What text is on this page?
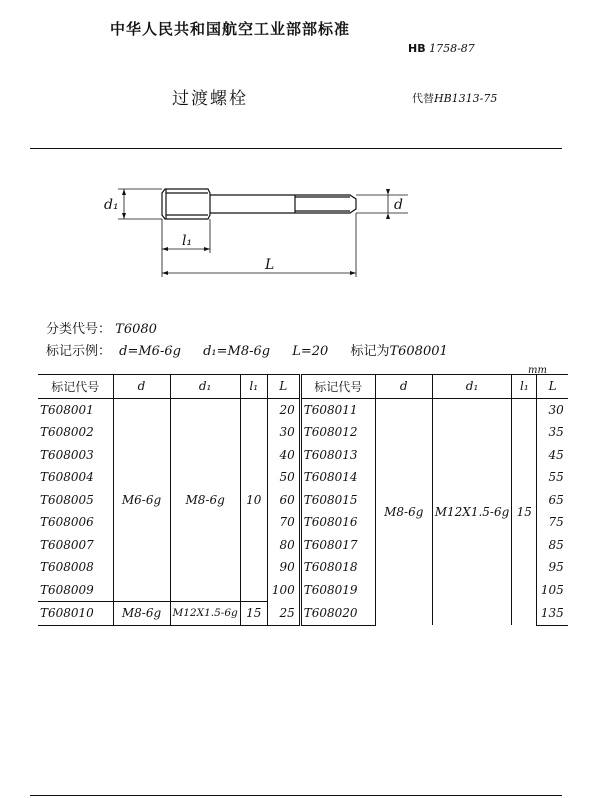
中华人民共和国航空工业部部标准
HB 1758-87
过渡螺栓	代替HB1313-75
d₁	d
l₁
L
分类代号： T6080
标记示例： d=M6-6g d₁=M8-6g L=20 标记为T608001
mm
标记代号	d	d₁	l₁	L	标记代号	d	d₁	l₁	L
T608001	M6-6g	M8-6g	10	20	T608011	M8-6g	M12X1.5-6g	15	30
T608002				30	T608012				35
T608003				40	T608013				45
T608004				50	T608014				55
T608005				60	T608015				65
T608006				70	T608016				75
T608007				80	T608017				85
T608008				90	T608018				95
T608009				100	T608019				105
T608010	M8-6g	M12X1.5-6g	15	25	T608020				135
